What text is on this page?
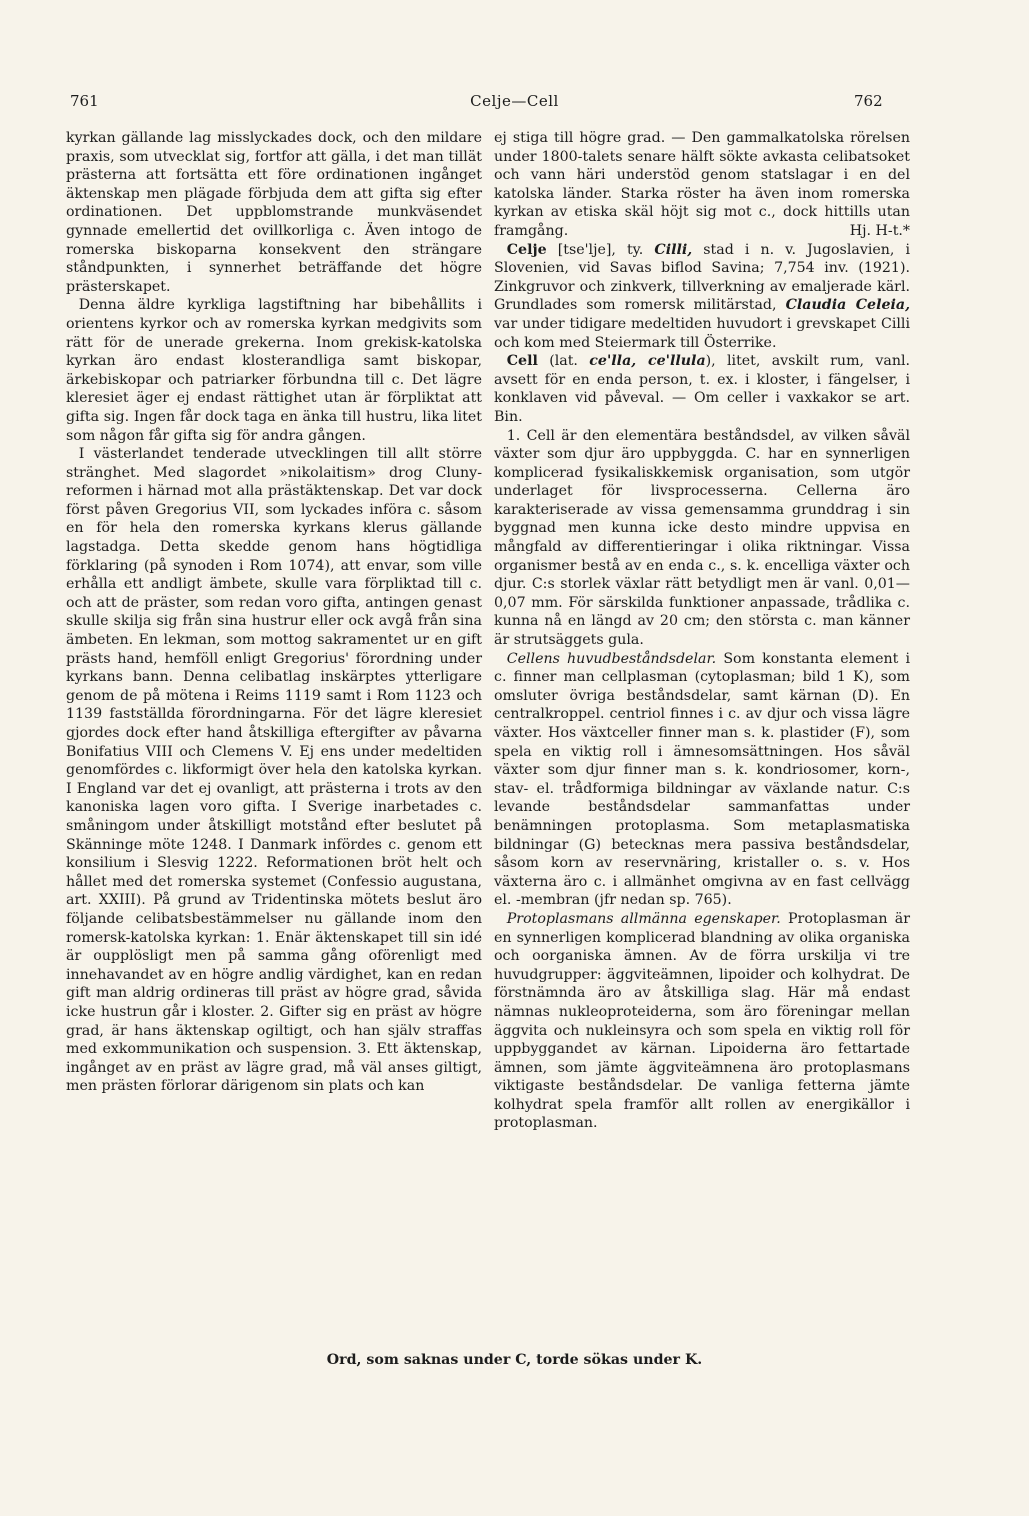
761	Celje—Cell	762

kyrkan gällande lag misslyckades dock, och den mildare praxis, som utvecklat sig, fortfor att gälla, i det man tillät prästerna att fortsätta ett före ordinationen ingånget äktenskap men plägade förbjuda dem att gifta sig efter ordinationen. Det uppblomstrande munkväsendet gynnade emellertid det ovillkorliga c. Även intogo de romerska biskoparna konsekvent den strängare ståndpunkten, i synnerhet beträffande det högre prästerskapet.

Denna äldre kyrkliga lagstiftning har bibehållits i orientens kyrkor och av romerska kyrkan medgivits som rätt för de unerade grekerna. Inom grekisk-katolska kyrkan äro endast klosterandliga samt biskopar, ärkebiskopar och patriarker förbundna till c. Det lägre kleresiet äger ej endast rättighet utan är förpliktat att gifta sig. Ingen får dock taga en änka till hustru, lika litet som någon får gifta sig för andra gången.

I västerlandet tenderade utvecklingen till allt större stränghet. Med slagordet »nikolaitism» drog Clunyreformen i härnad mot alla prästäktenskap. Det var dock först påven Gregorius VII, som lyckades införa c. såsom en för hela den romerska kyrkans klerus gällande lagstadga. Detta skedde genom hans högtidliga förklaring (på synoden i Rom 1074), att envar, som ville erhålla ett andligt ämbete, skulle vara förpliktad till c. och att de präster, som redan voro gifta, antingen genast skulle skilja sig från sina hustrur eller ock avgå från sina ämbeten. En lekman, som mottog sakramentet ur en gift prästs hand, hemföll enligt Gregorius' förordning under kyrkans bann. Denna celibatlag inskärptes ytterligare genom de på mötena i Reims 1119 samt i Rom 1123 och 1139 fastställda förordningarna. För det lägre kleresiet gjordes dock efter hand åtskilliga eftergifter av påvarna Bonifatius VIII och Clemens V. Ej ens under medeltiden genomfördes c. likformigt över hela den katolska kyrkan. I England var det ej ovanligt, att prästerna i trots av den kanoniska lagen voro gifta. I Sverige inarbetades c. småningom under åtskilligt motstånd efter beslutet på Skänninge möte 1248. I Danmark infördes c. genom ett konsilium i Slesvig 1222. Reformationen bröt helt och hållet med det romerska systemet (Confessio augustana, art. XXIII). På grund av Tridentinska mötets beslut äro följande celibatsbestämmelser nu gällande inom den romersk-katolska kyrkan: 1. Enär äktenskapet till sin idé är oupplösligt men på samma gång oförenligt med innehavandet av en högre andlig värdighet, kan en redan gift man aldrig ordineras till präst av högre grad, såvida icke hustrun går i kloster. 2. Gifter sig en präst av högre grad, är hans äktenskap ogiltigt, och han själv straffas med exkommunikation och suspension. 3. Ett äktenskap, ingånget av en präst av lägre grad, må väl anses giltigt, men prästen förlorar därigenom sin plats och kan

ej stiga till högre grad. — Den gammalkatolska rörelsen under 1800-talets senare hälft sökte avkasta celibatsoket och vann häri understöd genom statslagar i en del katolska länder. Starka röster ha även inom romerska kyrkan av etiska skäl höjt sig mot c., dock hittills utan framgång.	Hj. H-t.*

Celje [tse'lje], ty. Cilli, stad i n. v. Jugoslavien, i Slovenien, vid Savas biflod Savina; 7,754 inv. (1921). Zinkgruvor och zinkverk, tillverkning av emaljerade kärl. Grundlades som romersk militärstad, Claudia Celeia, var under tidigare medeltiden huvudort i grevskapet Cilli och kom med Steiermark till Österrike.

Cell (lat. ce'lla, ce'llula), litet, avskilt rum, vanl. avsett för en enda person, t. ex. i kloster, i fängelser, i konklaven vid påveval. — Om celler i vaxkakor se art. Bin.

1. Cell är den elementära beståndsdel, av vilken såväl växter som djur äro uppbyggda. C. har en synnerligen komplicerad fysikaliskkemisk organisation, som utgör underlaget för livsprocesserna. Cellerna äro karakteriserade av vissa gemensamma grunddrag i sin byggnad men kunna icke desto mindre uppvisa en mångfald av differentieringar i olika riktningar. Vissa organismer bestå av en enda c., s. k. encelliga växter och djur. C:s storlek växlar rätt betydligt men är vanl. 0,01—0,07 mm. För särskilda funktioner anpassade, trådlika c. kunna nå en längd av 20 cm; den största c. man känner är strutsäggets gula.

Cellens huvudbeståndsdelar. Som konstanta element i c. finner man cellplasman (cytoplasman; bild 1 K), som omsluter övriga beståndsdelar, samt kärnan (D). En centralkroppel. centriol finnes i c. av djur och vissa lägre växter. Hos växtceller finner man s. k. plastider (F), som spela en viktig roll i ämnesomsättningen. Hos såväl växter som djur finner man s. k. kondriosomer, korn-, stav- el. trådformiga bildningar av växlande natur. C:s levande beståndsdelar sammanfattas under benämningen protoplasma. Som metaplasmatiska bildningar (G) betecknas mera passiva beståndsdelar, såsom korn av reservnäring, kristaller o. s. v. Hos växterna äro c. i allmänhet omgivna av en fast cellvägg el. -membran (jfr nedan sp. 765).

Protoplasmans allmänna egenskaper. Protoplasman är en synnerligen komplicerad blandning av olika organiska och oorganiska ämnen. Av de förra urskilja vi tre huvudgrupper: äggviteämnen, lipoider och kolhydrat. De förstnämnda äro av åtskilliga slag. Här må endast nämnas nukleoproteiderna, som äro föreningar mellan äggvita och nukleinsyra och som spela en viktig roll för uppbyggandet av kärnan. Lipoiderna äro fettartade ämnen, som jämte äggviteämnena äro protoplasmans viktigaste beståndsdelar. De vanliga fetterna jämte kolhydrat spela framför allt rollen av energikällor i protoplasman.

Ord, som saknas under C, torde sökas under K.
